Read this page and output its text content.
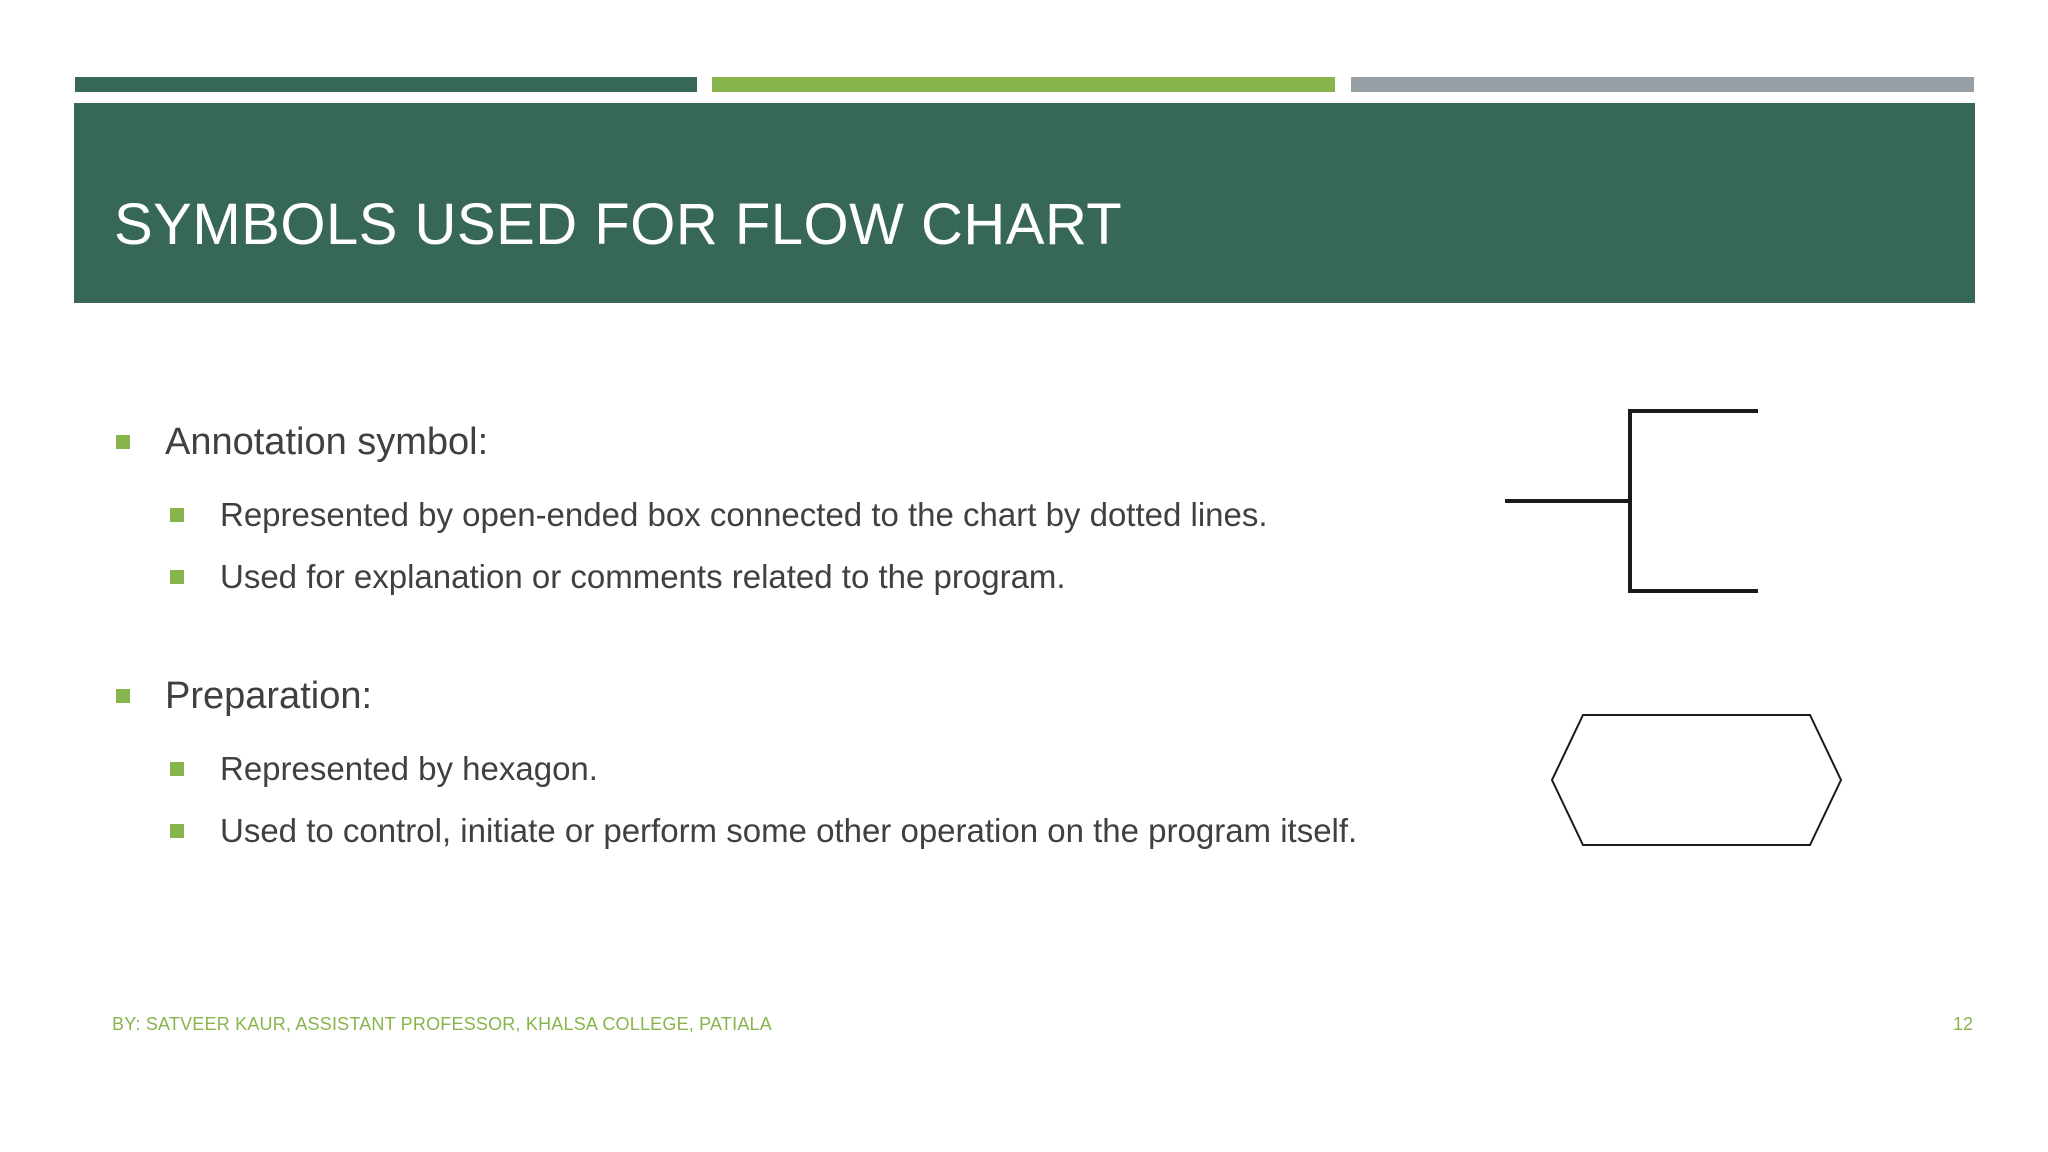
SYMBOLS USED FOR FLOW CHART
Annotation symbol:
Represented by open-ended box connected to the chart by dotted lines.
Used for explanation or comments related to the program.
Preparation:
Represented by hexagon.
Used to control, initiate or perform some other operation on the program itself.
BY: SATVEER KAUR, ASSISTANT PROFESSOR, KHALSA COLLEGE, PATIALA	12
